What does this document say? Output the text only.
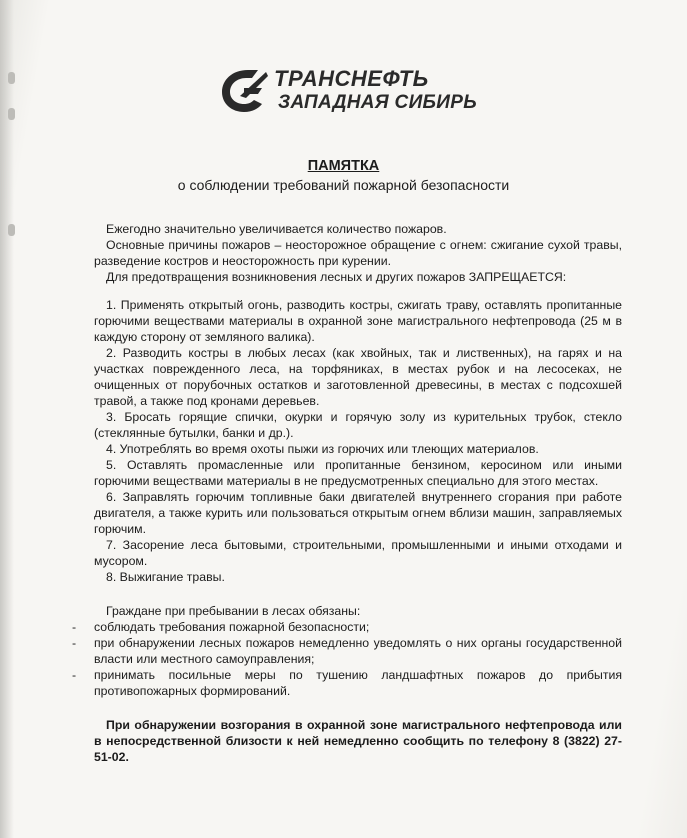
ТРАНСНЕФТЬ
ЗАПАДНАЯ СИБИРЬ
ПАМЯТКА
о соблюдении требований пожарной безопасности

Ежегодно значительно увеличивается количество пожаров.

Основные причины пожаров – неосторожное обращение с огнем: сжигание сухой травы, разведение костров и неосторожность при курении.

Для предотвращения возникновения лесных и других пожаров ЗАПРЕЩАЕТСЯ:

1. Применять открытый огонь, разводить костры, сжигать траву, оставлять пропитанные горючими веществами материалы в охранной зоне магистрального нефтепровода (25 м в каждую сторону от земляного валика).

2. Разводить костры в любых лесах (как хвойных, так и лиственных), на гарях и на участках поврежденного леса, на торфяниках, в местах рубок и на лесосеках, не очищенных от порубочных остатков и заготовленной древесины, в местах с подсохшей травой, а также под кронами деревьев.

3. Бросать горящие спички, окурки и горячую золу из курительных трубок, стекло (стеклянные бутылки, банки и др.).

4. Употреблять во время охоты пыжи из горючих или тлеющих материалов.

5. Оставлять промасленные или пропитанные бензином, керосином или иными горючими веществами материалы в не предусмотренных специально для этого местах.

6. Заправлять горючим топливные баки двигателей внутреннего сгорания при работе двигателя, а также курить или пользоваться открытым огнем вблизи машин, заправляемых горючим.

7. Засорение леса бытовыми, строительными, промышленными и иными отходами и мусором.

8. Выжигание травы.

Граждане при пребывании в лесах обязаны:

- соблюдать требования пожарной безопасности;

- при обнаружении лесных пожаров немедленно уведомлять о них органы государственной власти или местного самоуправления;

- принимать посильные меры по тушению ландшафтных пожаров до прибытия противопожарных формирований.

При обнаружении возгорания в охранной зоне магистрального нефтепровода или в непосредственной близости к ней немедленно сообщить по телефону 8 (3822) 27-51-02.
